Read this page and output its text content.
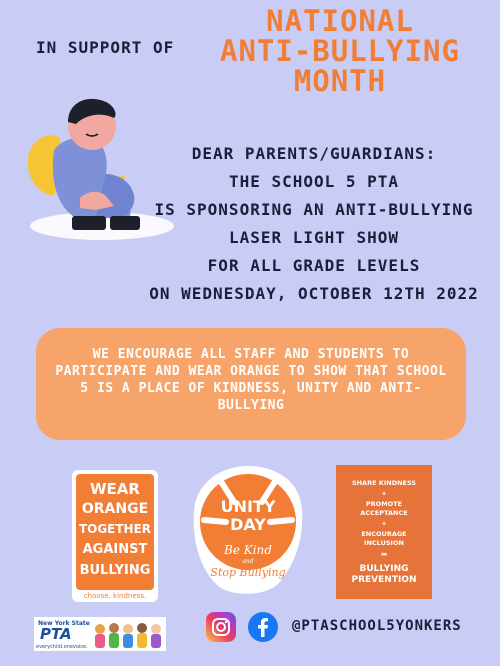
IN SUPPORT OF
NATIONAL
ANTI-BULLYING
MONTH
DEAR PARENTS/GUARDIANS:
THE SCHOOL 5 PTA
IS SPONSORING AN ANTI-BULLYING
LASER LIGHT SHOW
FOR ALL GRADE LEVELS
ON WEDNESDAY, OCTOBER 12TH 2022

WE ENCOURAGE ALL STAFF AND STUDENTS TO PARTICIPATE AND WEAR ORANGE TO SHOW THAT SCHOOL 5 IS A PLACE OF KINDNESS, UNITY AND ANTI-BULLYING

WEAR
ORANGE
TOGETHER
AGAINST
BULLYING
choose. kindness.
UNITY
DAY
Be Kind
and
Stop Bullying
SHARE KINDNESS
✦
PROMOTE ACCEPTANCE
✦
ENCOURAGE INCLUSION
▬
BULLYING
PREVENTION
New York State
PTA
everychild.onevoice.
@PTASCHOOL5YONKERS
